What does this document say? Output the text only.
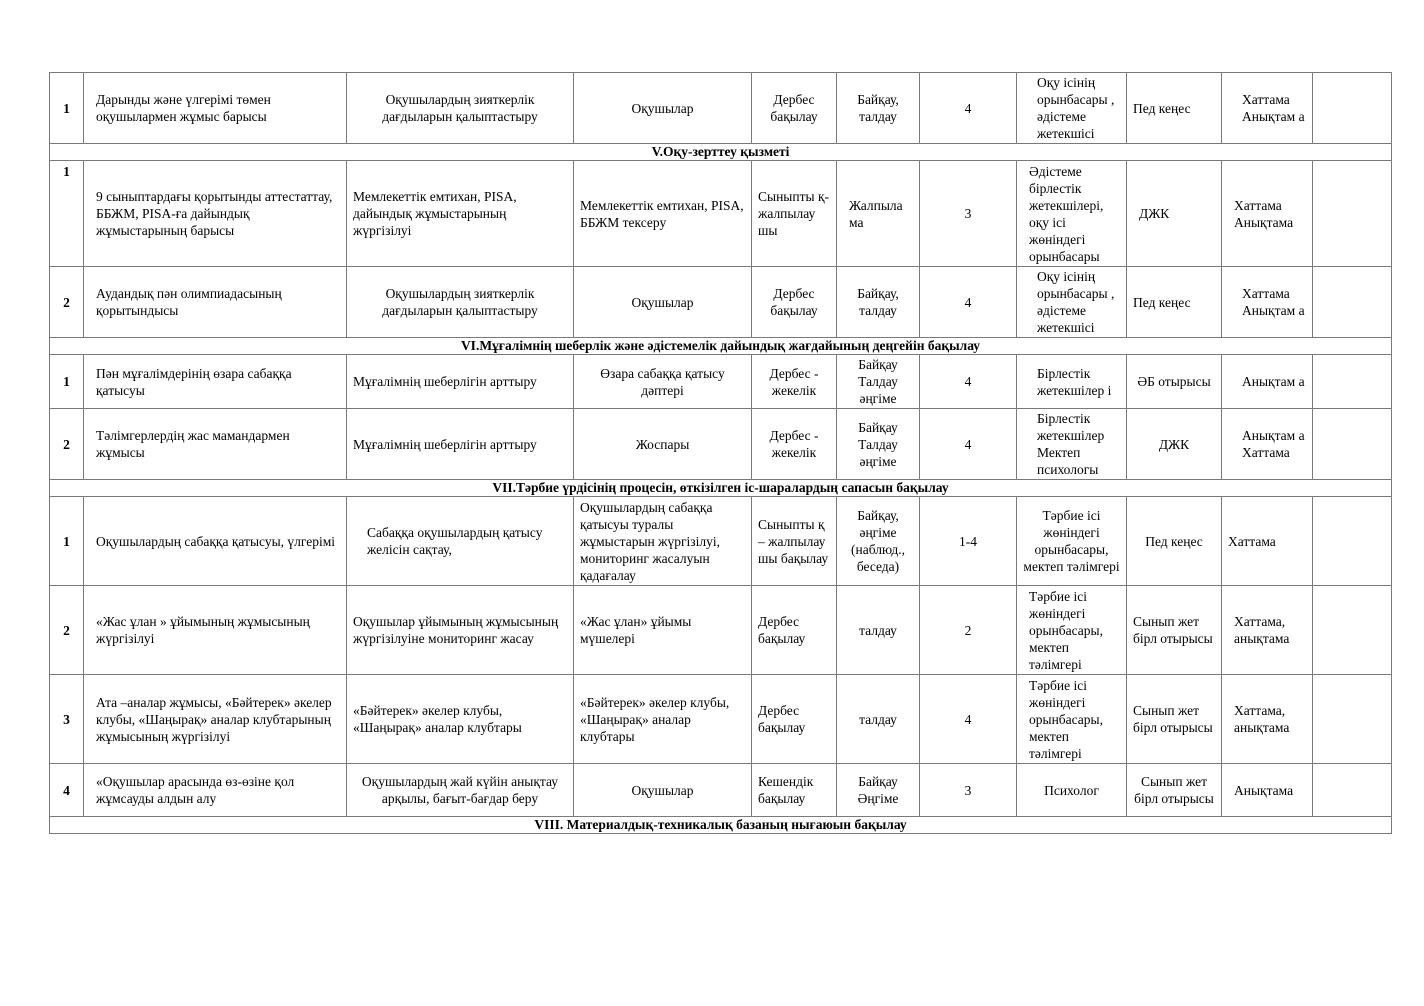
1	Дарынды және үлгерімі төмен оқушылармен жұмыс барысы	Оқушылардың зияткерлік дағдыларын қалыптастыру	Оқушылар	Дербес бақылау	Байқау, талдау	4	Оқу ісінің орынбасары , әдістеме жетекшісі	Пед кеңес	Хаттама Анықтам а	
V.Оқу-зерттеу қызметі										
1	9 сыныптардағы қорытынды аттестаттау, ББЖМ, PISA-ға дайындық жұмыстарының барысы	Мемлекеттік емтихан, PISA, дайындық жұмыстарының жүргізілуі	Мемлекеттік емтихан, PISA, ББЖМ тексеру	Сыныпты қ-жалпылау шы	Жалпыла ма	3	Әдістеме бірлестік жетекшілері, оқу ісі жөніндегі орынбасары	ДЖК	Хаттама Анықтама	
2	Аудандық пән олимпиадасының қорытындысы	Оқушылардың зияткерлік дағдыларын қалыптастыру	Оқушылар	Дербес бақылау	Байқау, талдау	4	Оқу ісінің орынбасары , әдістеме жетекшісі	Пед кеңес	Хаттама Анықтам а	
VI.Мұғалімнің шеберлік және әдістемелік дайындық жағдайының деңгейін бақылау										
1	Пән мұғалімдерінің өзара сабаққа қатысуы	Мұғалімнің шеберлігін арттыру	Өзара сабаққа қатысу дәптері	Дербес - жекелік	Байқау Талдау әңгіме	4	Бірлестік жетекшілер і	ӘБ отырысы	Анықтам а	
2	Тәлімгерлердің жас мамандармен жұмысы	Мұғалімнің шеберлігін арттыру	Жоспары	Дербес - жекелік	Байқау Талдау әңгіме	4	Бірлестік жетекшілер Мектеп психологы	ДЖК	Анықтам а Хаттама	
VII.Тәрбие үрдісінің процесін, өткізілген іс-шаралардың сапасын бақылау										
1	Оқушылардың сабаққа қатысуы, үлгерімі	Сабаққа оқушылардың қатысу желісін сақтау,	Оқушылардың сабаққа қатысуы туралы жұмыстарын жүргізілуі, мониторинг жасалуын қадағалау	Сыныпты қ – жалпылау шы бақылау	Байқау, әңгіме (наблюд., беседа)	1-4	Тәрбие ісі жөніндегі орынбасары, мектеп тәлімгері	Пед кеңес	Хаттама	
2	«Жас ұлан » ұйымының жұмысының жүргізілуі	Оқушылар ұйымының жұмысының жүргізілуіне мониторинг жасау	«Жас ұлан» ұйымы мүшелері	Дербес бақылау	талдау	2	Тәрбие ісі жөніндегі орынбасары, мектеп тәлімгері	Сынып жет бірл отырысы	Хаттама, анықтама	
3	Ата –аналар жұмысы, «Бәйтерек» әкелер клубы, «Шаңырақ» аналар клубтарының жұмысының жүргізілуі	«Бәйтерек» әкелер клубы, «Шаңырақ» аналар клубтары	«Бәйтерек» әкелер клубы, «Шаңырақ» аналар клубтары	Дербес бақылау	талдау	4	Тәрбие ісі жөніндегі орынбасары, мектеп тәлімгері	Сынып жет бірл отырысы	Хаттама, анықтама	
4	«Оқушылар арасында өз-өзіне қол жұмсауды алдын алу	Оқушылардың жай күйін анықтау арқылы, бағыт-бағдар беру	Оқушылар	Кешендік бақылау	Байқау Әңгіме	3	Психолог	Сынып жет бірл отырысы	Анықтама	
VIII. Материалдық-техникалық базаның нығаюын бақылау										
